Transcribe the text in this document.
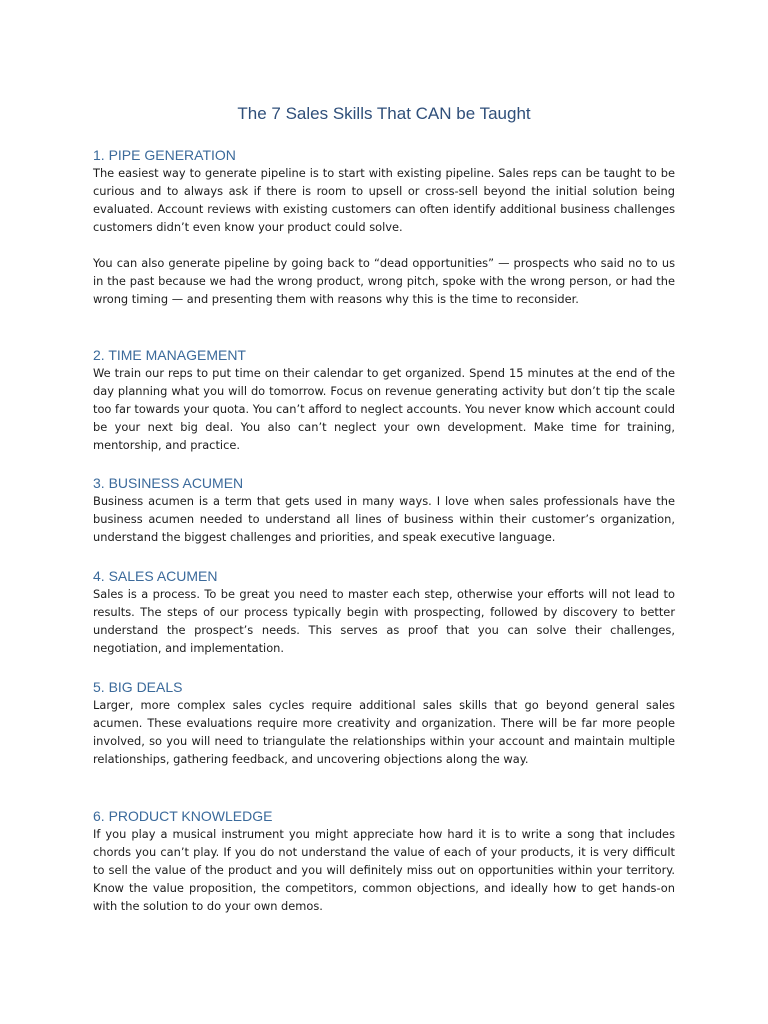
The 7 Sales Skills That CAN be Taught
1. PIPE GENERATION

The easiest way to generate pipeline is to start with existing pipeline. Sales reps can be taught to be curious and to always ask if there is room to upsell or cross-sell beyond the initial solution being evaluated. Account reviews with existing customers can often identify additional business challenges customers didn’t even know your product could solve.

You can also generate pipeline by going back to “dead opportunities” — prospects who said no to us in the past because we had the wrong product, wrong pitch, spoke with the wrong person, or had the wrong timing — and presenting them with reasons why this is the time to reconsider.

2. TIME MANAGEMENT

We train our reps to put time on their calendar to get organized. Spend 15 minutes at the end of the day planning what you will do tomorrow. Focus on revenue generating activity but don’t tip the scale too far towards your quota. You can’t afford to neglect accounts. You never know which account could be your next big deal. You also can’t neglect your own development. Make time for training, mentorship, and practice.

3. BUSINESS ACUMEN

Business acumen is a term that gets used in many ways. I love when sales professionals have the business acumen needed to understand all lines of business within their customer’s organization, understand the biggest challenges and priorities, and speak executive language.

4. SALES ACUMEN

Sales is a process. To be great you need to master each step, otherwise your efforts will not lead to results. The steps of our process typically begin with prospecting, followed by discovery to better understand the prospect’s needs. This serves as proof that you can solve their challenges, negotiation, and implementation.

5. BIG DEALS

Larger, more complex sales cycles require additional sales skills that go beyond general sales acumen. These evaluations require more creativity and organization. There will be far more people involved, so you will need to triangulate the relationships within your account and maintain multiple relationships, gathering feedback, and uncovering objections along the way.

6. PRODUCT KNOWLEDGE

If you play a musical instrument you might appreciate how hard it is to write a song that includes chords you can’t play. If you do not understand the value of each of your products, it is very difficult to sell the value of the product and you will definitely miss out on opportunities within your territory. Know the value proposition, the competitors, common objections, and ideally how to get hands-on with the solution to do your own demos.
